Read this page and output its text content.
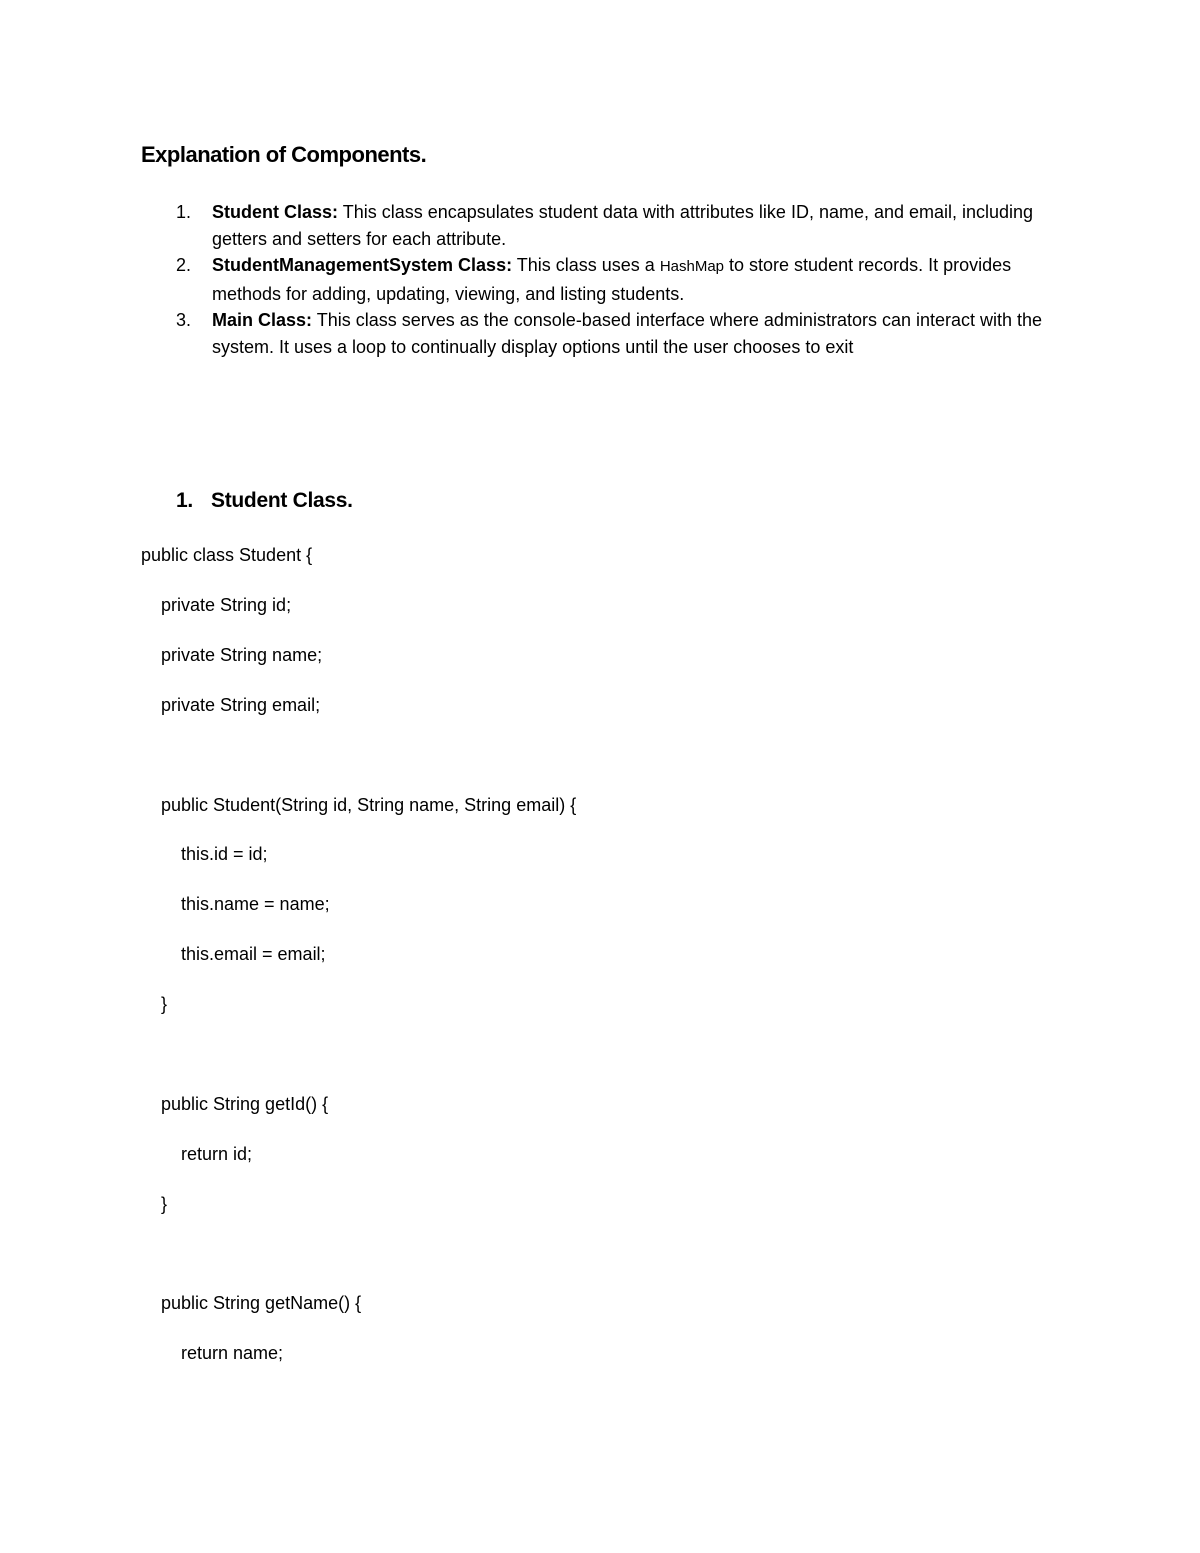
Explanation of Components.
1. Student Class: This class encapsulates student data with attributes like ID, name, and email, including getters and setters for each attribute.
2. StudentManagementSystem Class: This class uses a HashMap to store student records. It provides methods for adding, updating, viewing, and listing students.
3. Main Class: This class serves as the console-based interface where administrators can interact with the system. It uses a loop to continually display options until the user chooses to exit
1. Student Class.
public class Student {
private String id;
private String name;
private String email;
public Student(String id, String name, String email) {
this.id = id;
this.name = name;
this.email = email;
}
public String getId() {
return id;
}
public String getName() {
return name;
